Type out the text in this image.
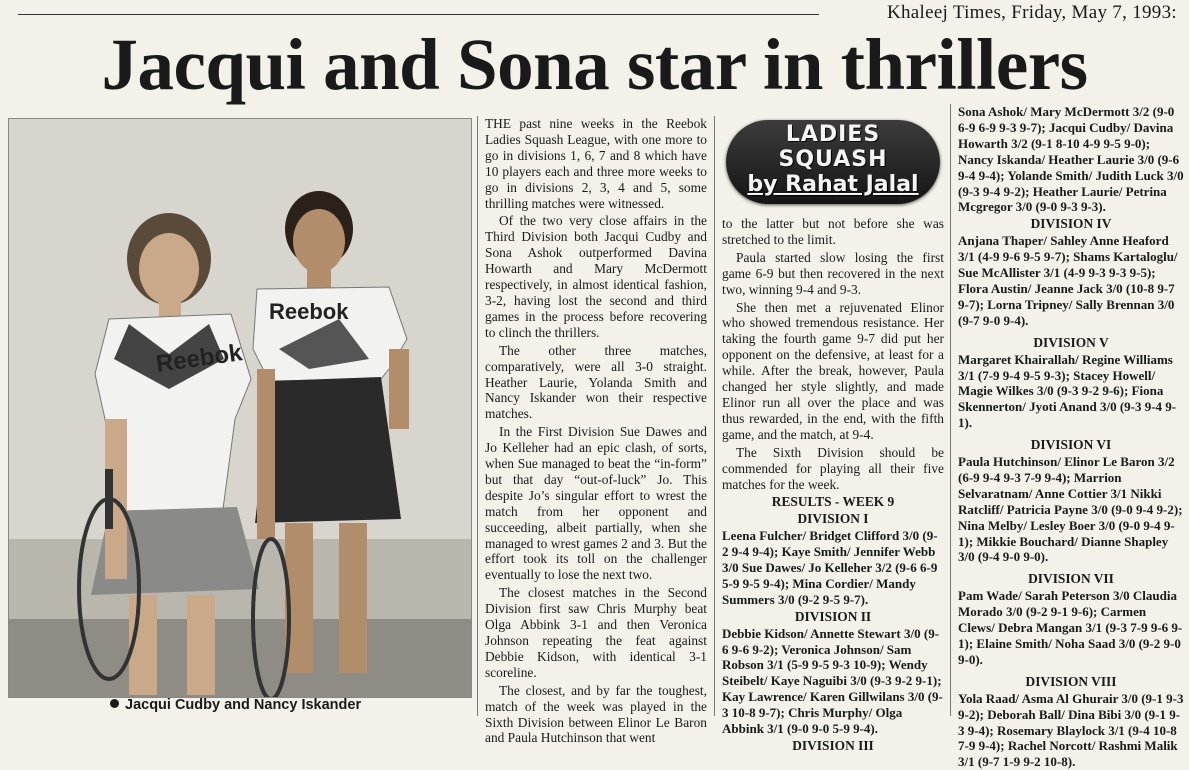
Khaleej Times, Friday, May 7, 1993:
Jacqui and Sona star in thrillers
Reebok
Reebok
Jacqui Cudby and Nancy Iskander

THE past nine weeks in the Reebok Ladies Squash League, with one more to go in divisions 1, 6, 7 and 8 which have 10 players each and three more weeks to go in divisions 2, 3, 4 and 5, some thrilling matches were witnessed.

Of the two very close affairs in the Third Division both Jacqui Cudby and Sona Ashok outperformed Davina Howarth and Mary McDermott respectively, in almost identical fashion, 3-2, having lost the second and third games in the process before recovering to clinch the thrillers.

The other three matches, comparatively, were all 3-0 straight. Heather Laurie, Yolanda Smith and Nancy Iskander won their respective matches.

In the First Division Sue Dawes and Jo Kelleher had an epic clash, of sorts, when Sue managed to beat the “in-form” but that day “out-of-luck” Jo. This despite Jo’s singular effort to wrest the match from her opponent and succeeding, albeit partially, when she managed to wrest games 2 and 3. But the effort took its toll on the challenger eventually to lose the next two.

The closest matches in the Second Division first saw Chris Murphy beat Olga Abbink 3-1 and then Veronica Johnson repeating the feat against Debbie Kidson, with identical 3-1 scoreline.

The closest, and by far the toughest, match of the week was played in the Sixth Division between Elinor Le Baron and Paula Hutchinson that went

LADIES
SQUASH
by Rahat Jalal

to the latter but not before she was stretched to the limit.

Paula started slow losing the first game 6-9 but then recovered in the next two, winning 9-4 and 9-3.

She then met a rejuvenated Elinor who showed tremendous resistance. Her taking the fourth game 9-7 did put her opponent on the defensive, at least for a while. After the break, however, Paula changed her style slightly, and made Elinor run all over the place and was thus rewarded, in the end, with the fifth game, and the match, at 9-4.

The Sixth Division should be commended for playing all their five matches for the week.

RESULTS - WEEK 9
DIVISION I
Leena Fulcher/ Bridget Clifford 3/0 (9-2 9-4 9-4); Kaye Smith/ Jennifer Webb 3/0 Sue Dawes/ Jo Kelleher 3/2 (9-6 6-9 5-9 9-5 9-4); Mina Cordier/ Mandy Summers 3/0 (9-2 9-5 9-7).
DIVISION II
Debbie Kidson/ Annette Stewart 3/0 (9-6 9-6 9-2); Veronica Johnson/ Sam Robson 3/1 (5-9 9-5 9-3 10-9); Wendy Steibelt/ Kaye Naguibi 3/0 (9-3 9-2 9-1); Kay Lawrence/ Karen Gillwilans 3/0 (9-3 10-8 9-7); Chris Murphy/ Olga Abbink 3/1 (9-0 9-0 5-9 9-4).
DIVISION III
Sona Ashok/ Mary McDermott 3/2 (9-0 6-9 6-9 9-3 9-7); Jacqui Cudby/ Davina Howarth 3/2 (9-1 8-10 4-9 9-5 9-0); Nancy Iskanda/ Heather Laurie 3/0 (9-6 9-4 9-4); Yolande Smith/ Judith Luck 3/0 (9-3 9-4 9-2); Heather Laurie/ Petrina Mcgregor 3/0 (9-0 9-3 9-3).
DIVISION IV
Anjana Thaper/ Sahley Anne Heaford 3/1 (4-9 9-6 9-5 9-7); Shams Kartaloglu/ Sue McAllister 3/1 (4-9 9-3 9-3 9-5); Flora Austin/ Jeanne Jack 3/0 (10-8 9-7 9-7); Lorna Tripney/ Sally Brennan 3/0 (9-7 9-0 9-4).
DIVISION V
Margaret Khairallah/ Regine Williams 3/1 (7-9 9-4 9-5 9-3); Stacey Howell/ Magie Wilkes 3/0 (9-3 9-2 9-6); Fiona Skennerton/ Jyoti Anand 3/0 (9-3 9-4 9-1).
DIVISION VI
Paula Hutchinson/ Elinor Le Baron 3/2 (6-9 9-4 9-3 7-9 9-4); Marrion Selvaratnam/ Anne Cottier 3/1 Nikki Ratcliff/ Patricia Payne 3/0 (9-0 9-4 9-2); Nina Melby/ Lesley Boer 3/0 (9-0 9-4 9-1); Mikkie Bouchard/ Dianne Shapley 3/0 (9-4 9-0 9-0).
DIVISION VII
Pam Wade/ Sarah Peterson 3/0 Claudia Morado 3/0 (9-2 9-1 9-6); Carmen Clews/ Debra Mangan 3/1 (9-3 7-9 9-6 9-1); Elaine Smith/ Noha Saad 3/0 (9-2 9-0 9-0).
DIVISION VIII
Yola Raad/ Asma Al Ghurair 3/0 (9-1 9-3 9-2); Deborah Ball/ Dina Bibi 3/0 (9-1 9-3 9-4); Rosemary Blaylock 3/1 (9-4 10-8 7-9 9-4); Rachel Norcott/ Rashmi Malik 3/1 (9-7 1-9 9-2 10-8).
